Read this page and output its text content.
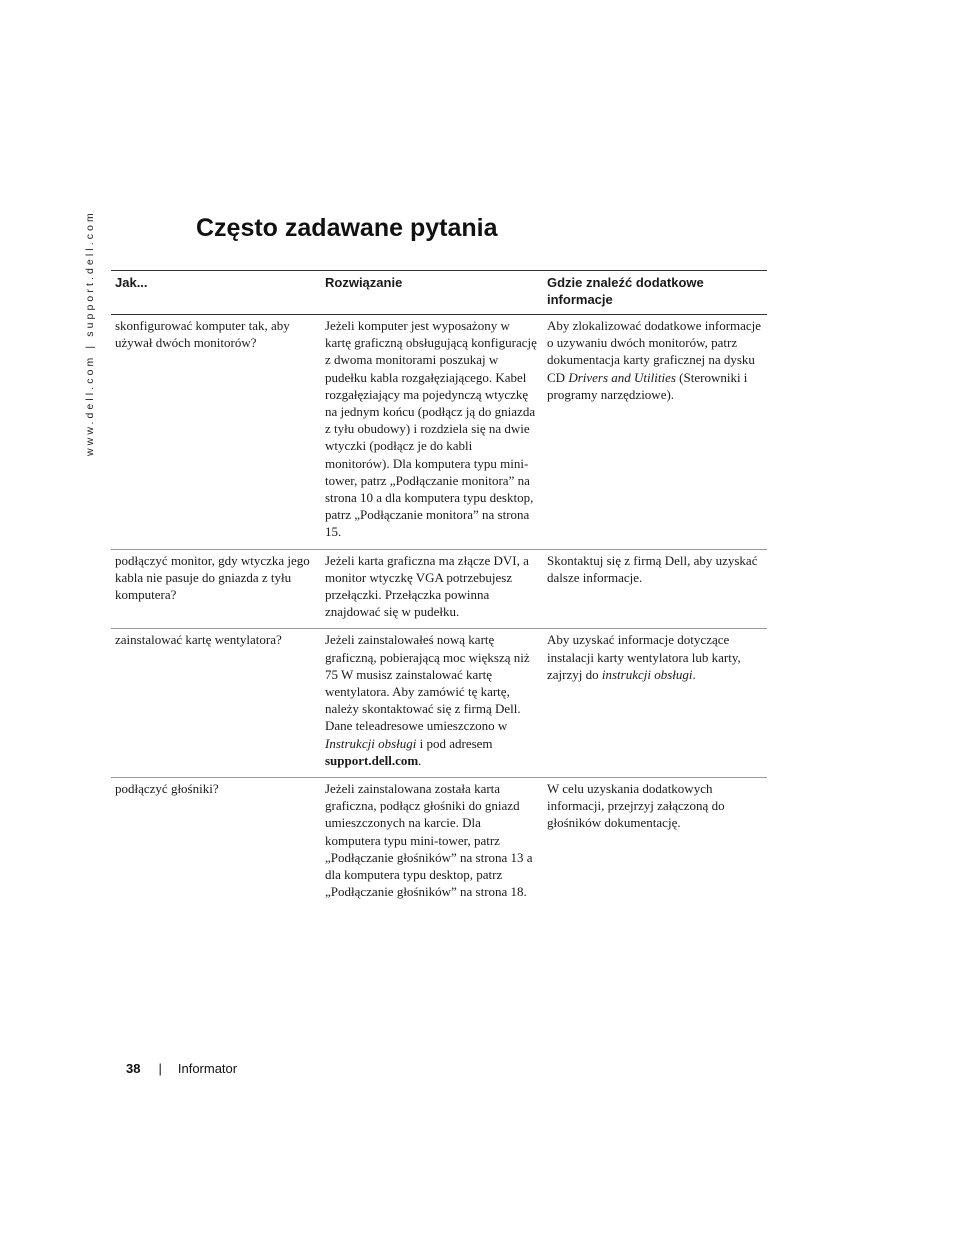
www.dell.com | support.dell.com	Często zadawane pytania
Jak...	Rozwiązanie	Gdzie znaleźć dodatkowe informacje
skonfigurować komputer tak, aby używał dwóch monitorów?	Jeżeli komputer jest wyposażony w kartę graficzną obsługującą konfigurację z dwoma monitorami poszukaj w pudełku kabla rozgałęziającego. Kabel rozgałęziający ma pojedynczą wtyczkę na jednym końcu (podłącz ją do gniazda z tyłu obudowy) i rozdziela się na dwie wtyczki (podłącz je do kabli monitorów). Dla komputera typu mini-tower, patrz „Podłączanie monitora” na strona 10 a dla komputera typu desktop, patrz „Podłączanie monitora” na strona 15.	Aby zlokalizować dodatkowe informacje o uzywaniu dwóch monitorów, patrz dokumentacja karty graficznej na dysku CD Drivers and Utilities (Sterowniki i programy narzędziowe).
podłączyć monitor, gdy wtyczka jego kabla nie pasuje do gniazda z tyłu komputera?	Jeżeli karta graficzna ma złącze DVI, a monitor wtyczkę VGA potrzebujesz przełączki. Przełączka powinna znajdować się w pudełku.	Skontaktuj się z firmą Dell, aby uzyskać dalsze informacje.
zainstalować kartę wentylatora?	Jeżeli zainstalowałeś nową kartę graficzną, pobierającą moc większą niż 75 W musisz zainstalować kartę wentylatora. Aby zamówić tę kartę, należy skontaktować się z firmą Dell. Dane teleadresowe umieszczono w Instrukcji obsługi i pod adresem support.dell.com.	Aby uzyskać informacje dotyczące instalacji karty wentylatora lub karty, zajrzyj do instrukcji obsługi.
podłączyć głośniki?	Jeżeli zainstalowana została karta graficzna, podłącz głośniki do gniazd umieszczonych na karcie. Dla komputera typu mini-tower, patrz „Podłączanie głośników” na strona 13 a dla komputera typu desktop, patrz „Podłączanie głośników” na strona 18.	W celu uzyskania dodatkowych informacji, przejrzyj załączoną do głośników dokumentację.
38 | Informator
